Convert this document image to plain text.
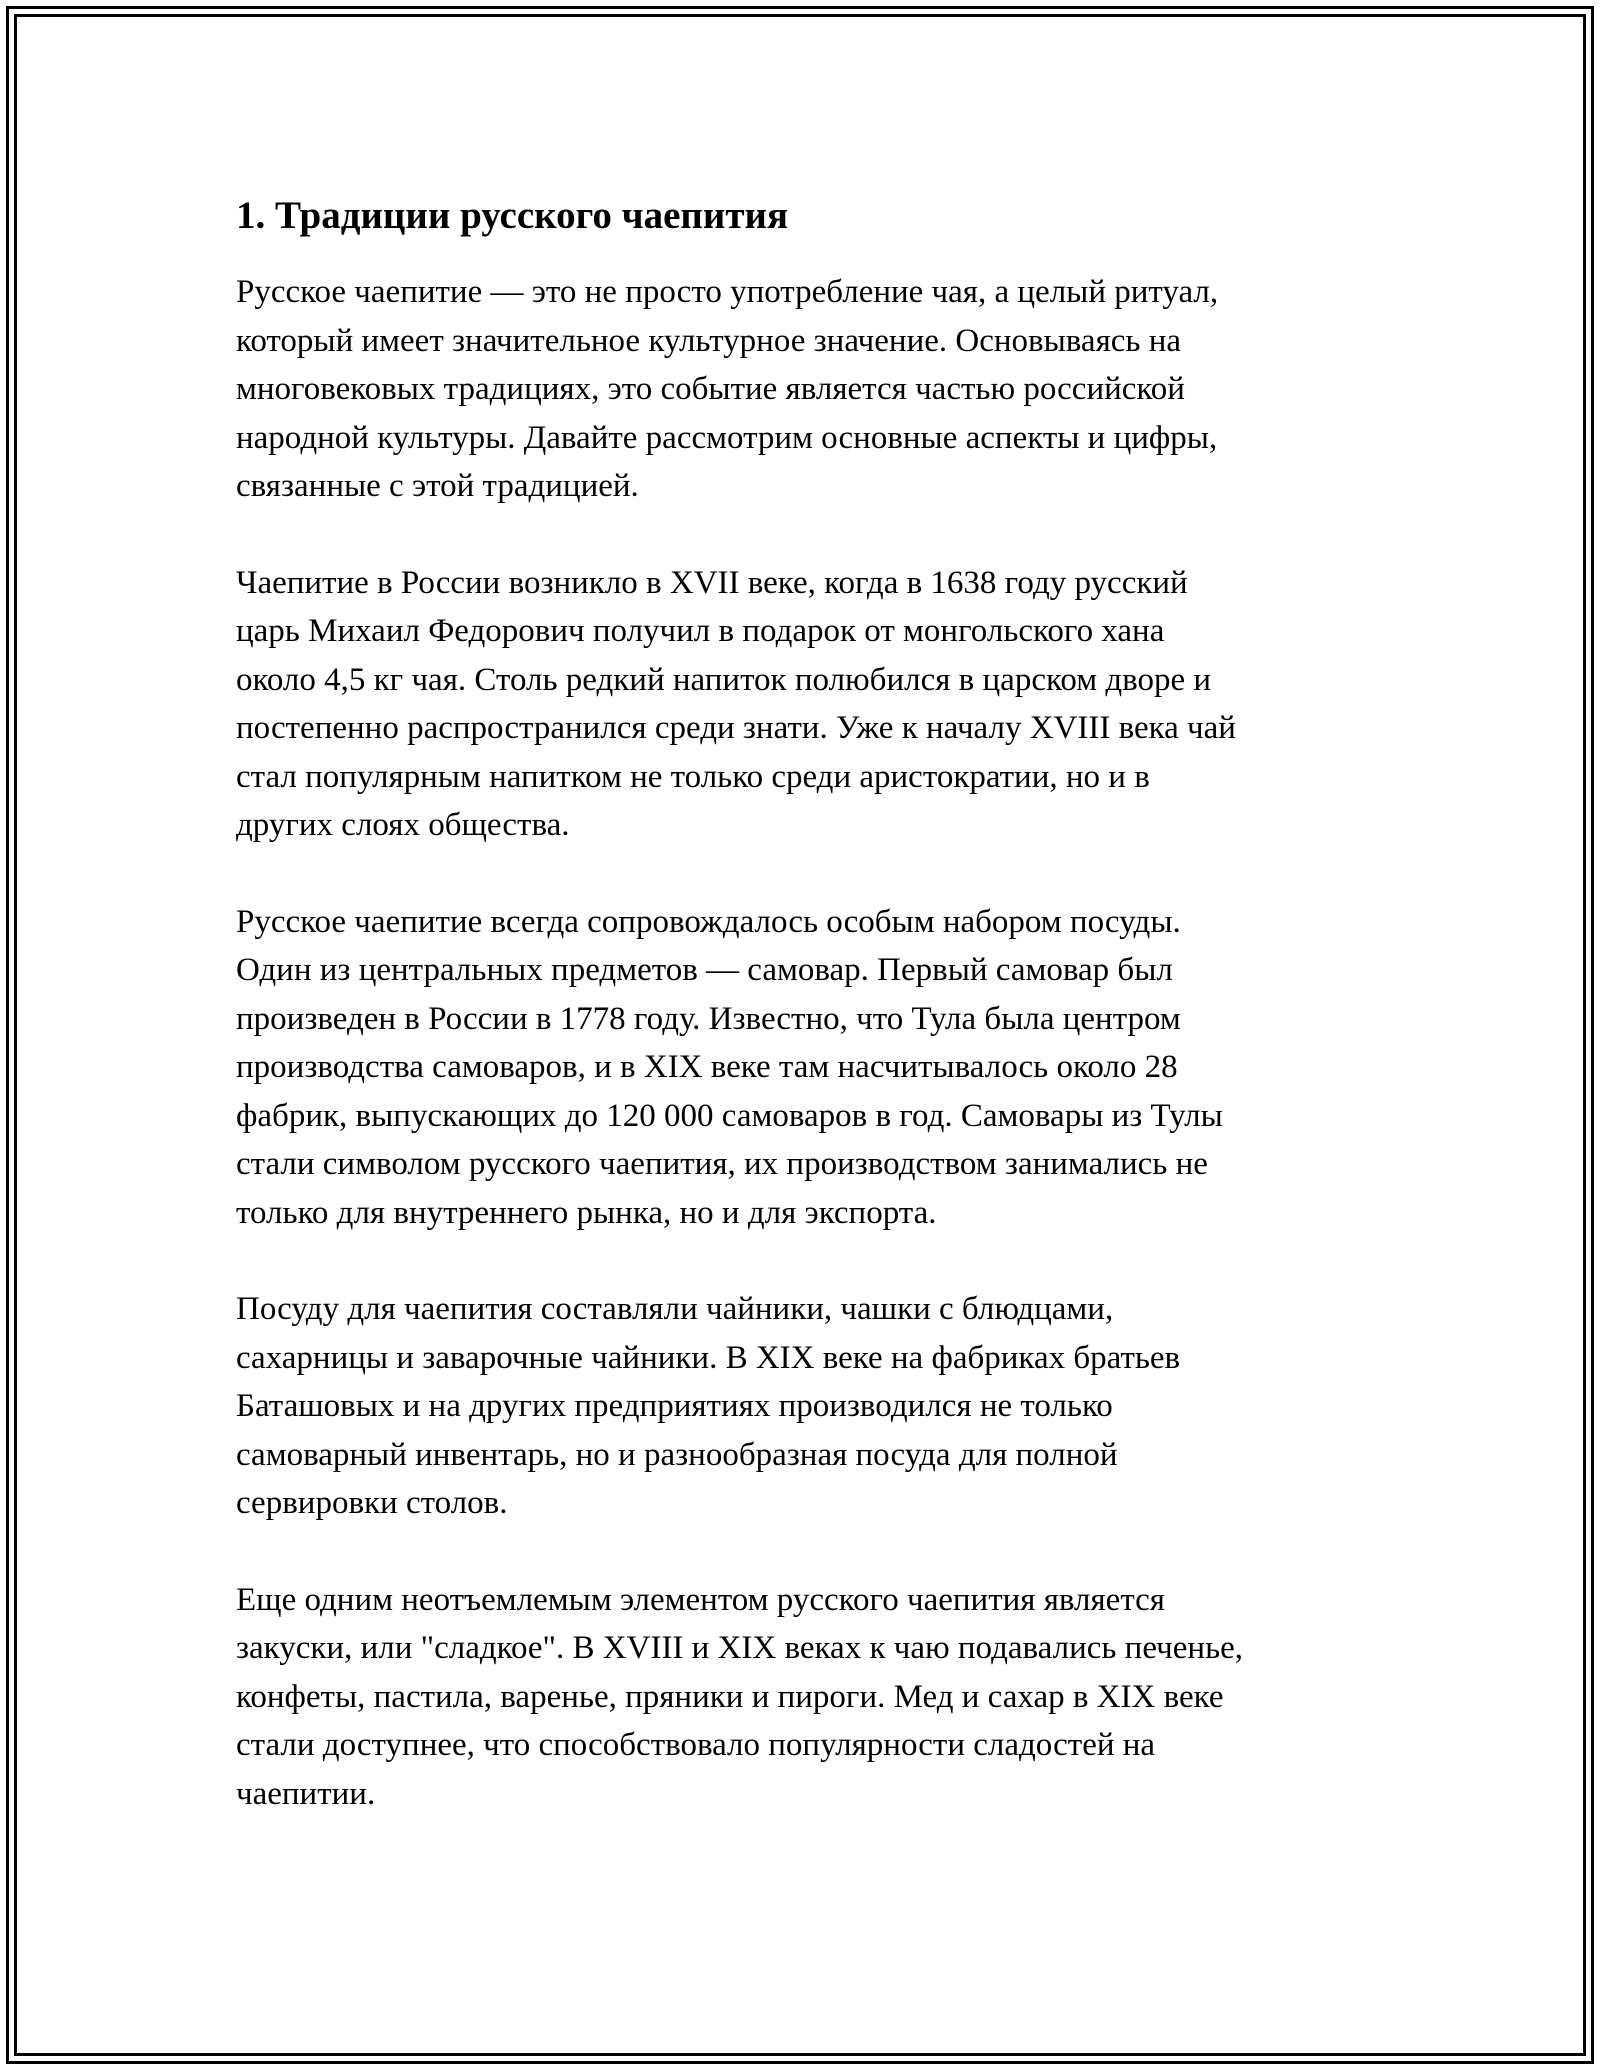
1. Традиции русского чаепития

Русское чаепитие — это не просто употребление чая, а целый ритуал,
который имеет значительное культурное значение. Основываясь на
многовековых традициях, это событие является частью российской
народной культуры. Давайте рассмотрим основные аспекты и цифры,
связанные с этой традицией.

Чаепитие в России возникло в XVII веке, когда в 1638 году русский
царь Михаил Федорович получил в подарок от монгольского хана
около 4,5 кг чая. Столь редкий напиток полюбился в царском дворе и
постепенно распространился среди знати. Уже к началу XVIII века чай
стал популярным напитком не только среди аристократии, но и в
других слоях общества.

Русское чаепитие всегда сопровождалось особым набором посуды.
Один из центральных предметов — самовар. Первый самовар был
произведен в России в 1778 году. Известно, что Тула была центром
производства самоваров, и в XIX веке там насчитывалось около 28
фабрик, выпускающих до 120 000 самоваров в год. Самовары из Тулы
стали символом русского чаепития, их производством занимались не
только для внутреннего рынка, но и для экспорта.

Посуду для чаепития составляли чайники, чашки с блюдцами,
сахарницы и заварочные чайники. В XIX веке на фабриках братьев
Баташовых и на других предприятиях производился не только
самоварный инвентарь, но и разнообразная посуда для полной
сервировки столов.

Еще одним неотъемлемым элементом русского чаепития является
закуски, или "сладкое". В XVIII и XIX веках к чаю подавались печенье,
конфеты, пастила, варенье, пряники и пироги. Мед и сахар в XIX веке
стали доступнее, что способствовало популярности сладостей на
чаепитии.
